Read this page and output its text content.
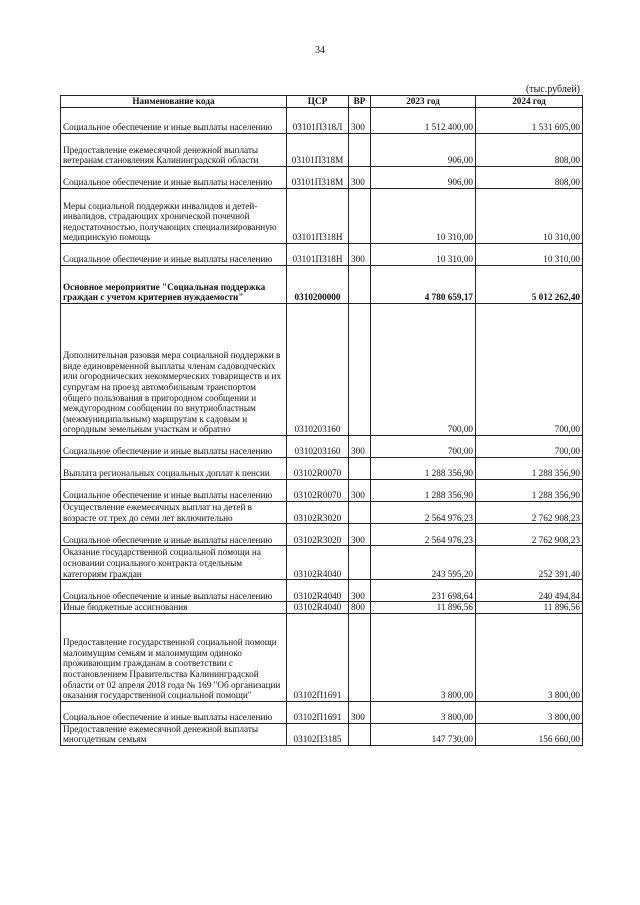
34
(тыс.рублей)
Наименование кода	ЦСР	ВР	2023 год	2024 год
Социальное обеспечение и иные выплаты населению	03101П318Л	300	1 512 400,00	1 531 605,00
Предоставление ежемесячной денежной выплаты ветеранам становления Калининградской области	03101П318М		906,00	808,00
Социальное обеспечение и иные выплаты населению	03101П318М	300	906,00	808,00
Меры социальной поддержки инвалидов и детей-инвалидов, страдающих хронической почечной недостаточностью, получающих специализированную медицинскую помощь	03101П318Н		10 310,00	10 310,00
Социальное обеспечение и иные выплаты населению	03101П318Н	300	10 310,00	10 310,00
Основное мероприятие "Социальная поддержка граждан с учетом критериев нуждаемости"	0310200000		4 780 659,17	5 012 262,40
Дополнительная разовая мера социальной поддержки в виде единовременной выплаты членам садоводческих или огороднических некоммерческих товариществ и их супругам на проезд автомобильным транспортом общего пользования в пригородном сообщении и междугородном сообщении по внутриобластным (межмуниципальным) маршрутам к садовым и огородным земельным участкам и обратно	0310203160		700,00	700,00
Социальное обеспечение и иные выплаты населению	0310203160	300	700,00	700,00
Выплата региональных социальных доплат к пенсии	03102R0070		1 288 356,90	1 288 356,90
Социальное обеспечение и иные выплаты населению	03102R0070	300	1 288 356,90	1 288 356,90
Осуществление ежемесячных выплат на детей в возрасте от трех до семи лет включительно	03102R3020		2 564 976,23	2 762 908,23
Социальное обеспечение и иные выплаты населению	03102R3020	300	2 564 976,23	2 762 908,23
Оказание государственной социальной помощи на основании социального контракта отдельным категориям граждан	03102R4040		243 595,20	252 391,40
Социальное обеспечение и иные выплаты населению	03102R4040	300	231 698,64	240 494,84
Иные бюджетные ассигнования	03102R4040	800	11 896,56	11 896,56
Предоставление государственной социальной помощи малоимущим семьям и малоимущим одиноко проживающим гражданам в соответствии с постановлением Правительства Калининградской области от 02 апреля 2018 года № 169 "Об организации оказания государственной социальной помощи"	03102П1691		3 800,00	3 800,00
Социальное обеспечение и иные выплаты населению	03102П1691	300	3 800,00	3 800,00
Предоставление ежемесячной денежной выплаты многодетным семьям	03102П3185		147 730,00	156 660,00
